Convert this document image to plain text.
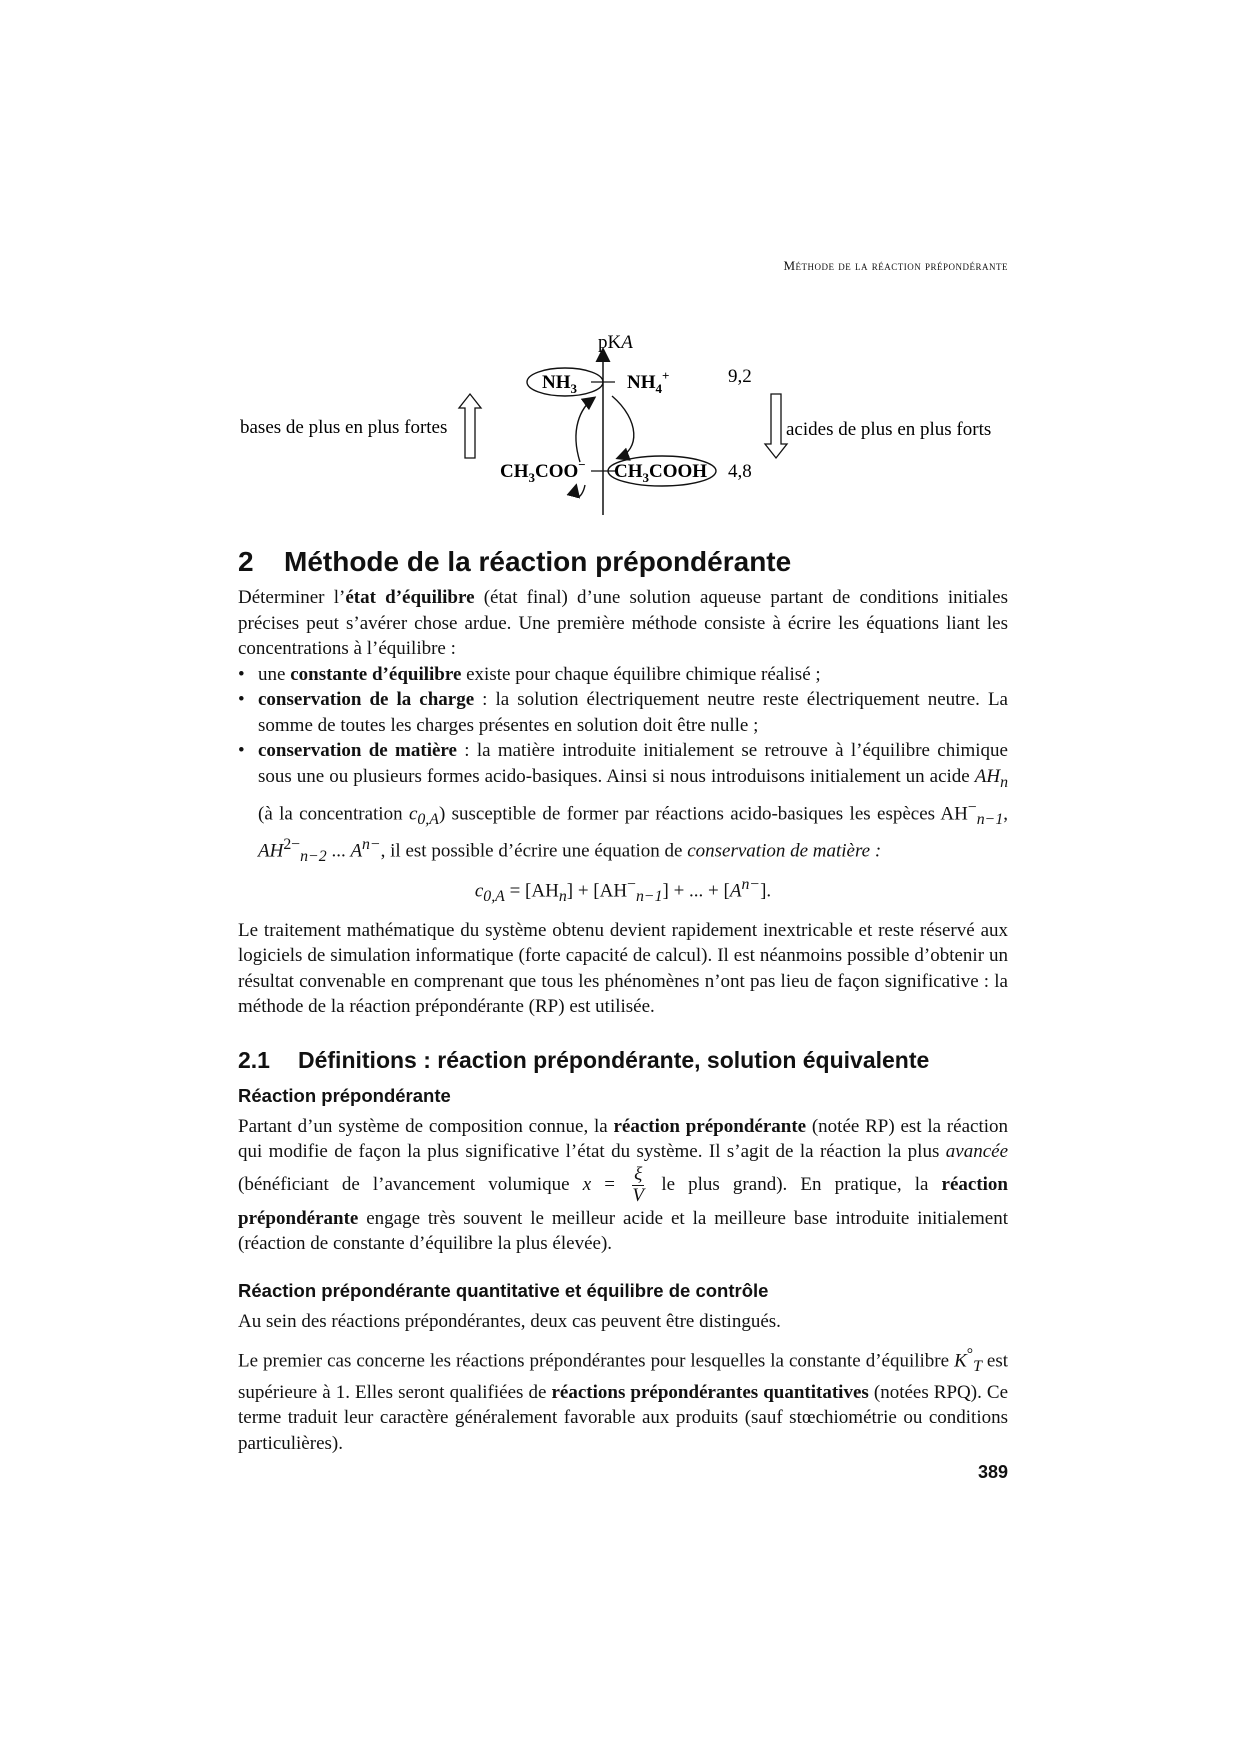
Méthode de la réaction prépondérante
pKA
$NH_3$	$NH_4^+$	9,2
$CH_3COO^-$ $CH_3COOH$ 4,8
bases de plus en plus fortes	acides de plus en plus forts
2 Méthode de la réaction prépondérante

Déterminer l’état d’équilibre (état final) d’une solution aqueuse partant de conditions initiales précises peut s’avérer chose ardue. Une première méthode consiste à écrire les équations liant les concentrations à l’équilibre :

• une constante d’équilibre existe pour chaque équilibre chimique réalisé ;
• conservation de la charge : la solution électriquement neutre reste électriquement neutre. La somme de toutes les charges présentes en solution doit être nulle ;
• conservation de matière : la matière introduite initialement se retrouve à l’équilibre chimique sous une ou plusieurs formes acido-basiques. Ainsi si nous introduisons initialement un acide $AH_n$ (à la concentration $c_{0,A}$) susceptible de former par réactions acido-basiques les espèces $AH^-_{n-1}$, $AH^{2-}_{n-2}$ ... $A^{n-}$, il est possible d’écrire une équation de conservation de matière :
$c_{0,A} = [AH_n] + [AH^-_{n-1}]$ + ... + $[A^{n-}]$.

Le traitement mathématique du système obtenu devient rapidement inextricable et reste réservé aux logiciels de simulation informatique (forte capacité de calcul). Il est néanmoins possible d’obtenir un résultat convenable en comprenant que tous les phénomènes n’ont pas lieu de façon significative : la méthode de la réaction prépondérante (RP) est utilisée.

2.1 Définitions : réaction prépondérante, solution équivalente
Réaction prépondérante

Partant d’un système de composition connue, la réaction prépondérante (notée RP) est la réaction qui modifie de façon la plus significative l’état du système. Il s’agit de la réaction la plus avancée (bénéficiant de l’avancement volumique $x = \frac{\xi}{V}$ le plus grand). En pratique, la réaction prépondérante engage très souvent le meilleur acide et la meilleure base introduite initialement (réaction de constante d’équilibre la plus élevée).

Réaction prépondérante quantitative et équilibre de contrôle

Au sein des réactions prépondérantes, deux cas peuvent être distingués.

Le premier cas concerne les réactions prépondérantes pour lesquelles la constante d’équilibre $K^\circ_T$ est supérieure à 1. Elles seront qualifiées de réactions prépondérantes quantitatives (notées RPQ). Ce terme traduit leur caractère généralement favorable aux produits (sauf stœchiométrie ou conditions particulières).

389
